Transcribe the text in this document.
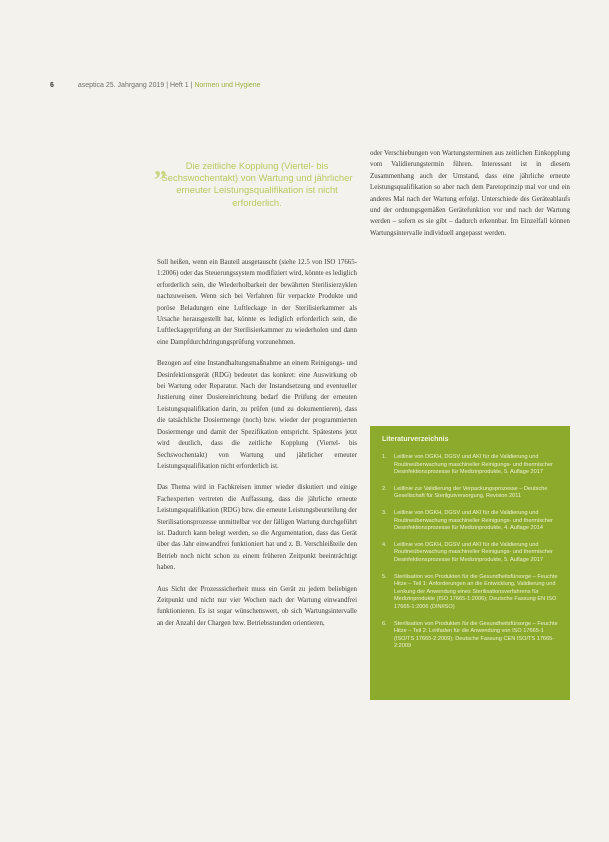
6	aseptica 25. Jahrgang 2019 | Heft 1 | Normen und Hygiene
„ Die zeitliche Kopplung (Viertel- bis Sechswochentakt) von Wartung und jährlicher erneuter Leistungsqualifikation ist nicht erforderlich.

Soll heißen, wenn ein Bauteil ausgetauscht (siehe 12.5 von ISO 17665-1:2006) oder das Steuerungssystem modifiziert wird, könnte es lediglich erforderlich sein, die Wiederholbarkeit der bewährten Sterilisierzyklen nachzuweisen. Wenn sich bei Verfahren für verpackte Produkte und poröse Beladungen eine Luftleckage in der Sterilisierkammer als Ursache herausgestellt hat, könnte es lediglich erforderlich sein, die Luftleckageprüfung an der Sterilisierkammer zu wiederholen und dann eine Dampfdurchdringungsprüfung vorzunehmen.

Bezogen auf eine Instandhaltungsmaßnahme an einem Reinigungs- und Desinfektionsgerät (RDG) bedeutet das konkret: eine Auswirkung ob bei Wartung oder Reparatur. Nach der Instandsetzung und eventueller Justierung einer Dosiereinrichtung bedarf die Prüfung der erneuten Leistungsqualifikation darin, zu prüfen (und zu dokumentieren), dass die tatsächliche Dosiermenge (noch) bzw. wieder der programmierten Dosiermenge und damit der Spezifikation entspricht. Spätestens jetzt wird deutlich, dass die zeitliche Kopplung (Viertel- bis Sechswochentakt) von Wartung und jährlicher erneuter Leistungsqualifikation nicht erforderlich ist.

Das Thema wird in Fachkreisen immer wieder diskutiert und einige Fachexperten vertreten die Auffassung, dass die jährliche erneute Leistungsqualifikation (RDG) bzw. die erneute Leistungsbeurteilung der Sterilisationsprozesse unmittelbar vor der fälligen Wartung durchgeführt ist. Dadurch kann belegt werden, so die Argumentation, dass das Gerät über das Jahr einwandfrei funktioniert hat und z. B. Verschleißteile den Betrieb noch nicht schon zu einem früheren Zeitpunkt beeinträchtigt haben.

Aus Sicht der Prozesssicherheit muss ein Gerät zu jedem beliebigen Zeitpunkt und nicht nur vier Wochen nach der Wartung einwandfrei funktionieren. Es ist sogar wünschenswert, ob sich Wartungsintervalle an der Anzahl der Chargen bzw. Betriebsstunden orientieren,

oder Verschiebungen von Wartungsterminen aus zeitlichen Einkopplung vom Validierungstermin führen. Interessant ist in diesem Zusammenhang auch der Umstand, dass eine jährliche erneute Leistungsqualifikation so aber nach dem Paretoprinzip mal vor und ein anderes Mal nach der Wartung erfolgt. Unterschiede des Geräteablaufs und der ordnungsgemäßen Gerätefunktion vor und nach der Wartung werden – sofern es sie gibt – dadurch erkennbar. Im Einzelfall können Wartungsintervalle individuell angepasst werden.

Literaturverzeichnis
1.	Leitlinie von DGKH, DGSV und AKI für die Validierung und Routineüberwachung maschineller Reinigungs- und thermischer Desinfektionsprozesse für Medizinprodukte, 5. Auflage 2017
2.	Leitlinie zur Validierung der Verpackungsprozesse – Deutsche Gesellschaft für Sterilgutversorgung, Revision 2011
3.	Leitlinie von DGKH, DGSV und AKI für die Validierung und Routineüberwachung maschineller Reinigungs- und thermischer Desinfektionsprozesse für Medizinprodukte, 4. Auflage 2014
4.	Leitlinie von DGKH, DGSV und AKI für die Validierung und Routineüberwachung maschineller Reinigungs- und thermischer Desinfektionsprozesse für Medizinprodukte, 5. Auflage 2017
5.	Sterilisation von Produkten für die Gesundheitsfürsorge – Feuchte Hitze – Teil 1: Anforderungen an die Entwicklung, Validierung und Lenkung der Anwendung eines Sterilisationsverfahrens für Medizinprodukte (ISO 17665-1:2006); Deutsche Fassung EN ISO 17665-1:2006 (DIN/ISO)
6.	Sterilisation von Produkten für die Gesundheitsfürsorge – Feuchte Hitze – Teil 2: Leitfaden für die Anwendung von ISO 17665-1 (ISO/TS 17665-2:2009); Deutsche Fassung CEN ISO/TS 17665-2:2009
